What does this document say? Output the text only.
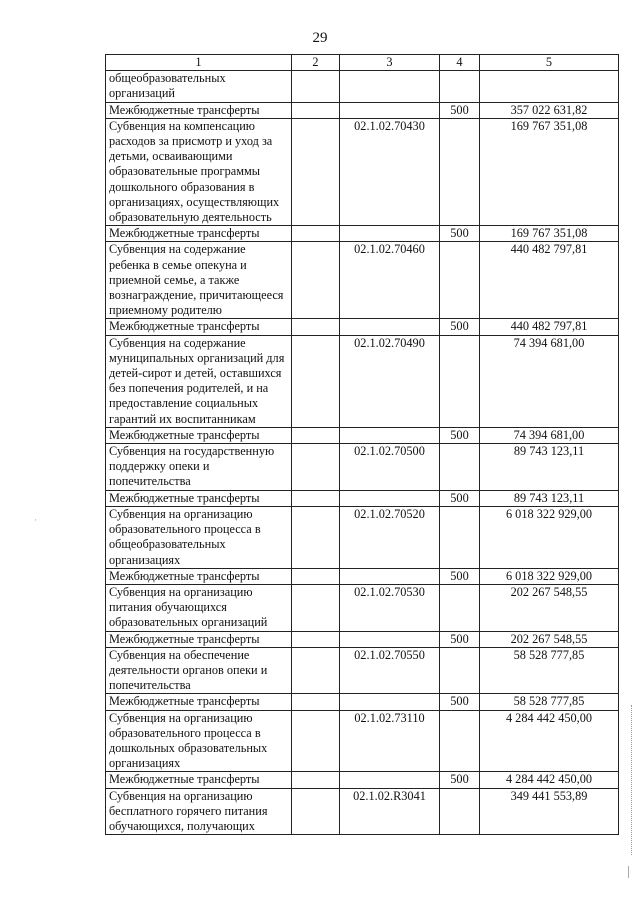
29
1	2	3	4	5
общеобразовательных организаций				
Межбюджетные трансферты			500	357 022 631,82
Субвенция на компенсацию расходов за присмотр и уход за детьми, осваивающими образовательные программы дошкольного образования в организациях, осуществляющих образовательную деятельность		02.1.02.70430		169 767 351,08
Межбюджетные трансферты			500	169 767 351,08
Субвенция на содержание ребенка в семье опекуна и приемной семье, а также вознаграждение, причитающееся приемному родителю		02.1.02.70460		440 482 797,81
Межбюджетные трансферты			500	440 482 797,81
Субвенция на содержание муниципальных организаций для детей-сирот и детей, оставшихся без попечения родителей, и на предоставление социальных гарантий их воспитанникам		02.1.02.70490		74 394 681,00
Межбюджетные трансферты			500	74 394 681,00
Субвенция на государственную поддержку опеки и попечительства		02.1.02.70500		89 743 123,11
Межбюджетные трансферты			500	89 743 123,11
Субвенция на организацию образовательного процесса в общеобразовательных организациях		02.1.02.70520		6 018 322 929,00
Межбюджетные трансферты			500	6 018 322 929,00
Субвенция на организацию питания обучающихся образовательных организаций		02.1.02.70530		202 267 548,55
Межбюджетные трансферты			500	202 267 548,55
Субвенция на обеспечение деятельности органов опеки и попечительства		02.1.02.70550		58 528 777,85
Межбюджетные трансферты			500	58 528 777,85
Субвенция на организацию образовательного процесса в дошкольных образовательных организациях		02.1.02.73110		4 284 442 450,00
Межбюджетные трансферты			500	4 284 442 450,00
Субвенция на организацию бесплатного горячего питания обучающихся, получающих		02.1.02.R3041		349 441 553,89
·
